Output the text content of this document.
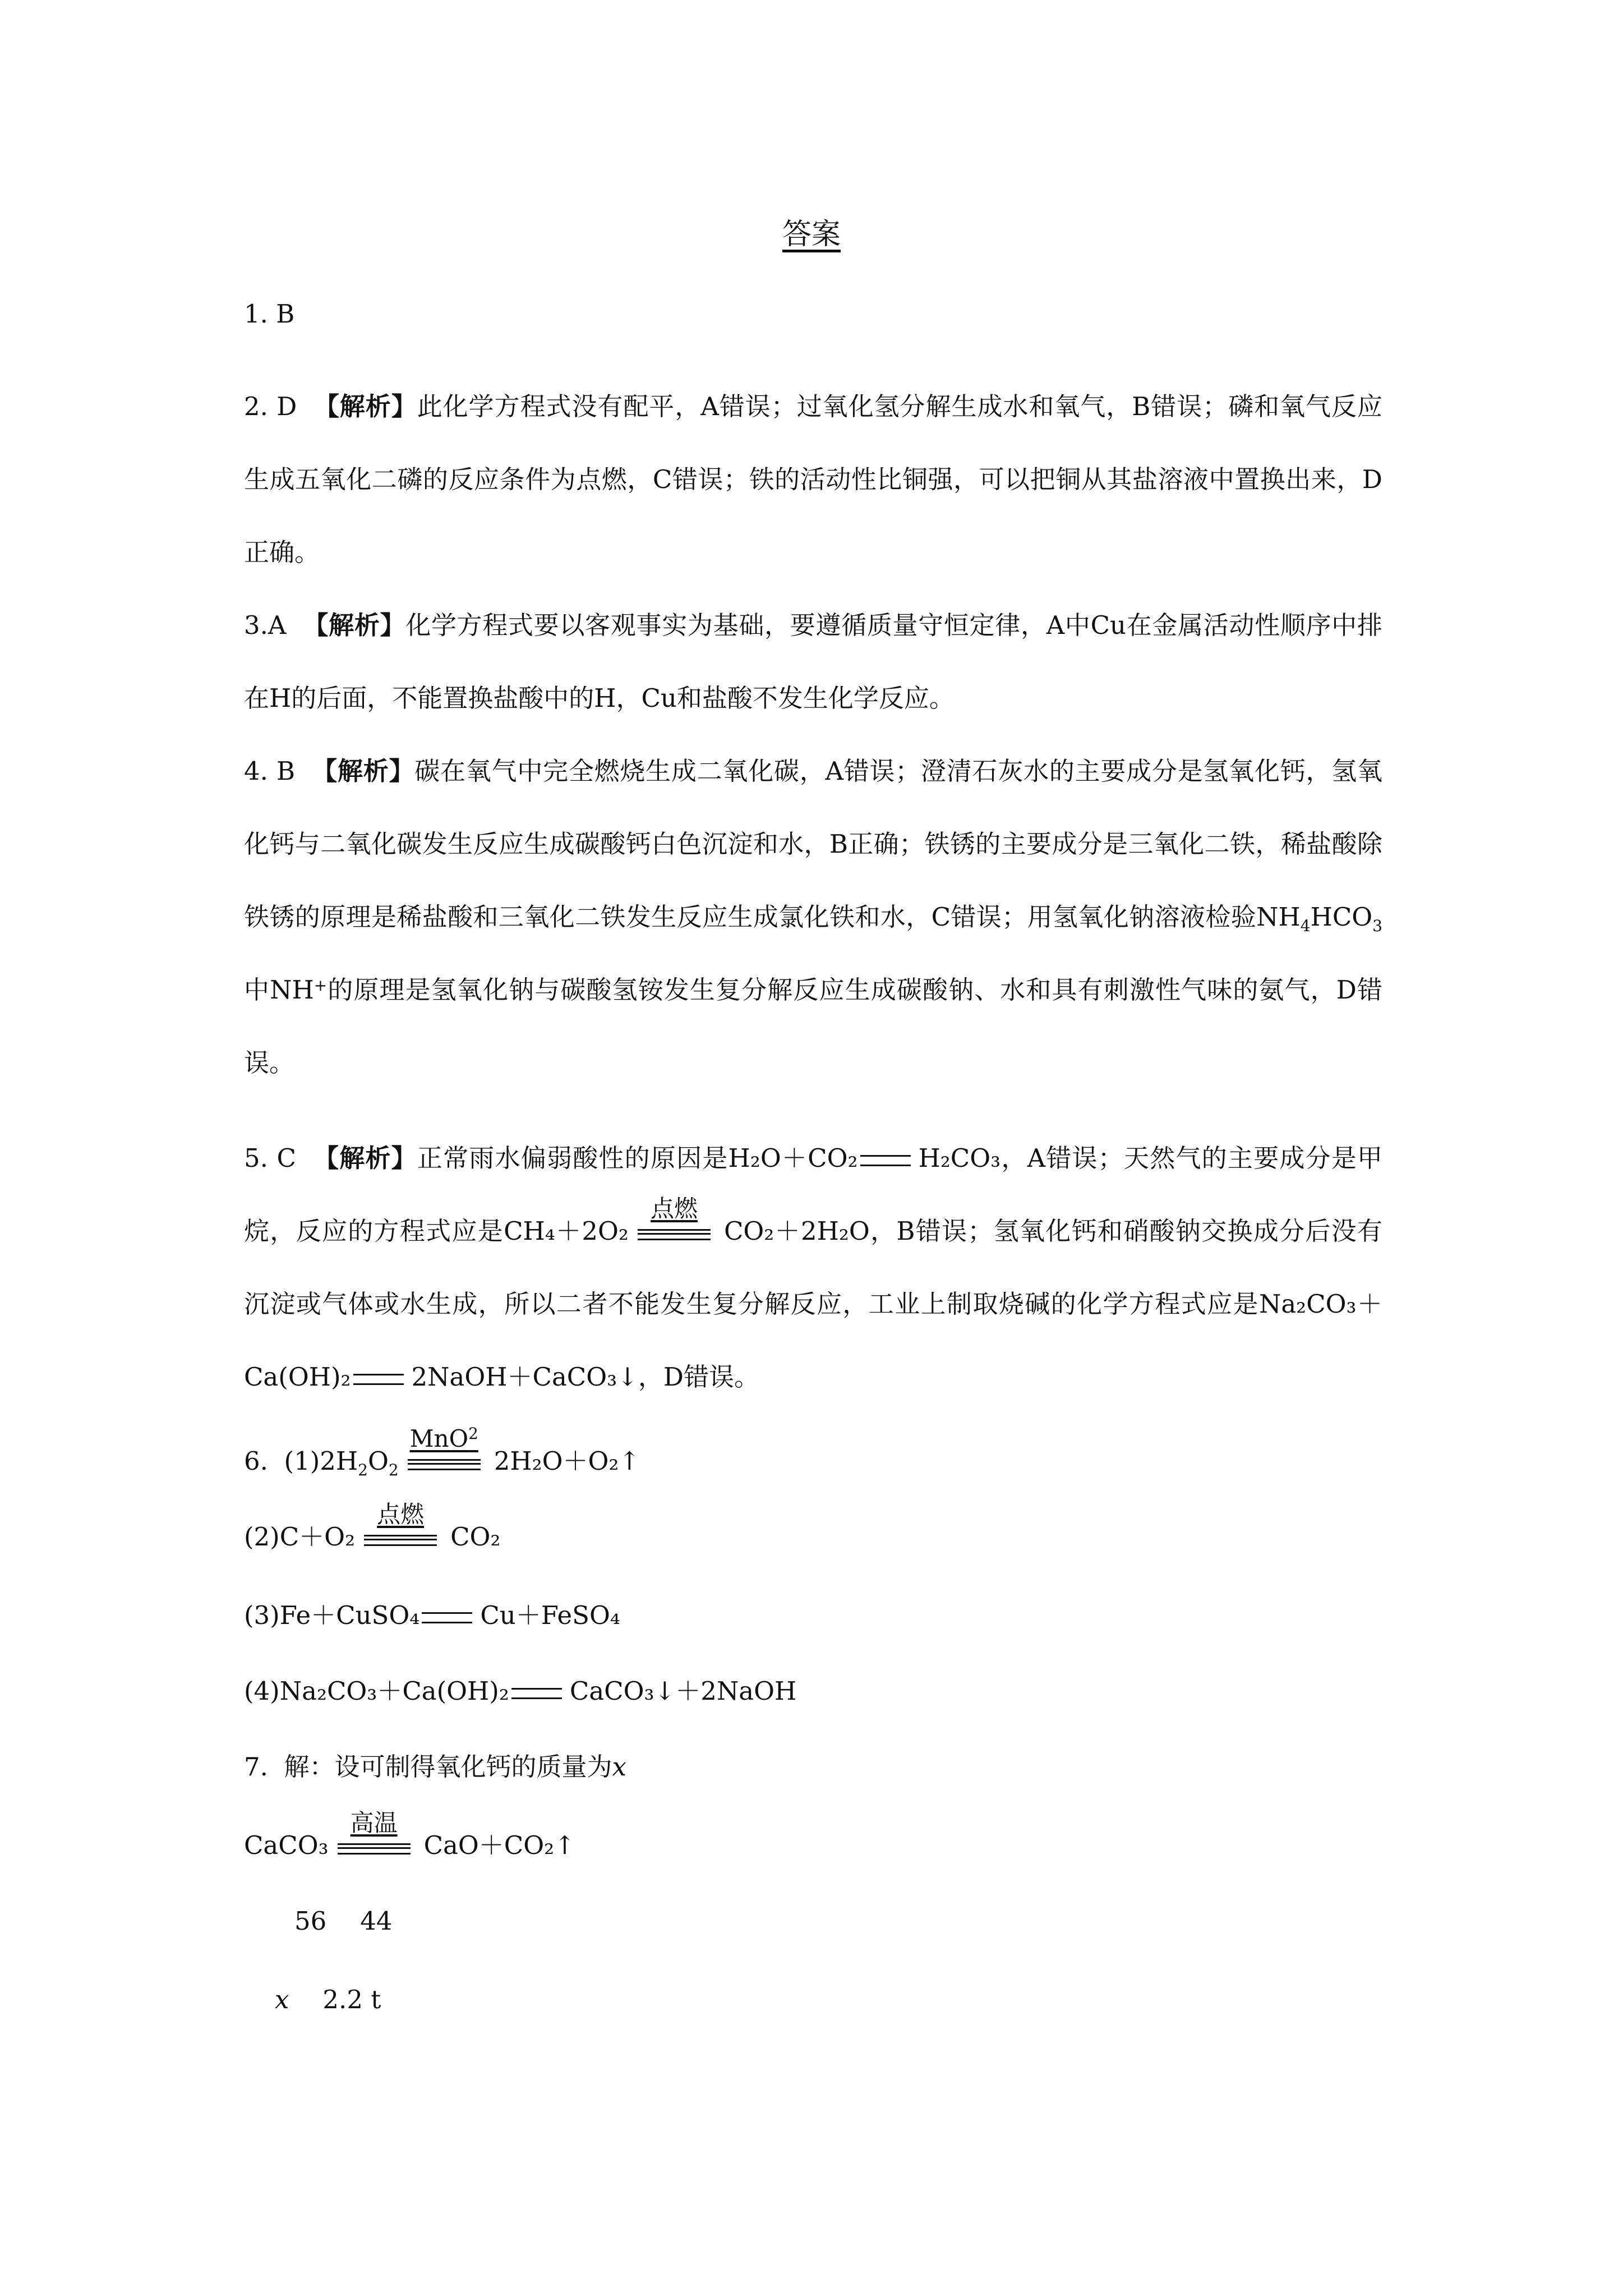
答案
1. B
2. D 【解析】此化学方程式没有配平，A错误；过氧化氢分解生成水和氧气，B错误；磷和氧气反应生成五氧化二磷的反应条件为点燃，C错误；铁的活动性比铜强，可以把铜从其盐溶液中置换出来，D正确。
3.A 【解析】化学方程式要以客观事实为基础，要遵循质量守恒定律，A中Cu在金属活动性顺序中排在H的后面，不能置换盐酸中的H，Cu和盐酸不发生化学反应。
4. B 【解析】碳在氧气中完全燃烧生成二氧化碳，A错误；澄清石灰水的主要成分是氢氧化钙，氢氧化钙与二氧化碳发生反应生成碳酸钙白色沉淀和水，B正确；铁锈的主要成分是三氧化二铁，稀盐酸除铁锈的原理是稀盐酸和三氧化二铁发生反应生成氯化铁和水，C错误；用氢氧化钠溶液检验$NH_4HCO_3$中NH+的原理是氢氧化钠与碳酸氢铵发生复分解反应生成碳酸钠、水和具有刺激性气味的氨气，D错误。
5. C 【解析】正常雨水偏弱酸性的原因是H₂O＋CO₂ H₂CO₃，A错误；天然气的主要成分是甲烷，反应的方程式应是CH₄＋2O₂
点燃
CO₂＋2H₂O，B错误；氢氧化钙和硝酸钠交换成分后没有沉淀或气体或水生成，所以二者不能发生复分解反应，工业上制取烧碱的化学方程式应是Na₂CO₃＋Ca(OH)₂ 2NaOH＋CaCO₃↓，D错误。
6. $(1)2H_2O_2$
MnO$^2$
2H₂O＋O₂↑
(2)C＋O₂
点燃
CO₂
(3)Fe＋CuSO₄ Cu＋FeSO₄
(4)Na₂CO₃＋Ca(OH)₂ CaCO₃↓＋2NaOH
7. 解：设可制得氧化钙的质量为x
CaCO₃
高温
CaO＋CO₂↑
56 44
x 2.2 t
